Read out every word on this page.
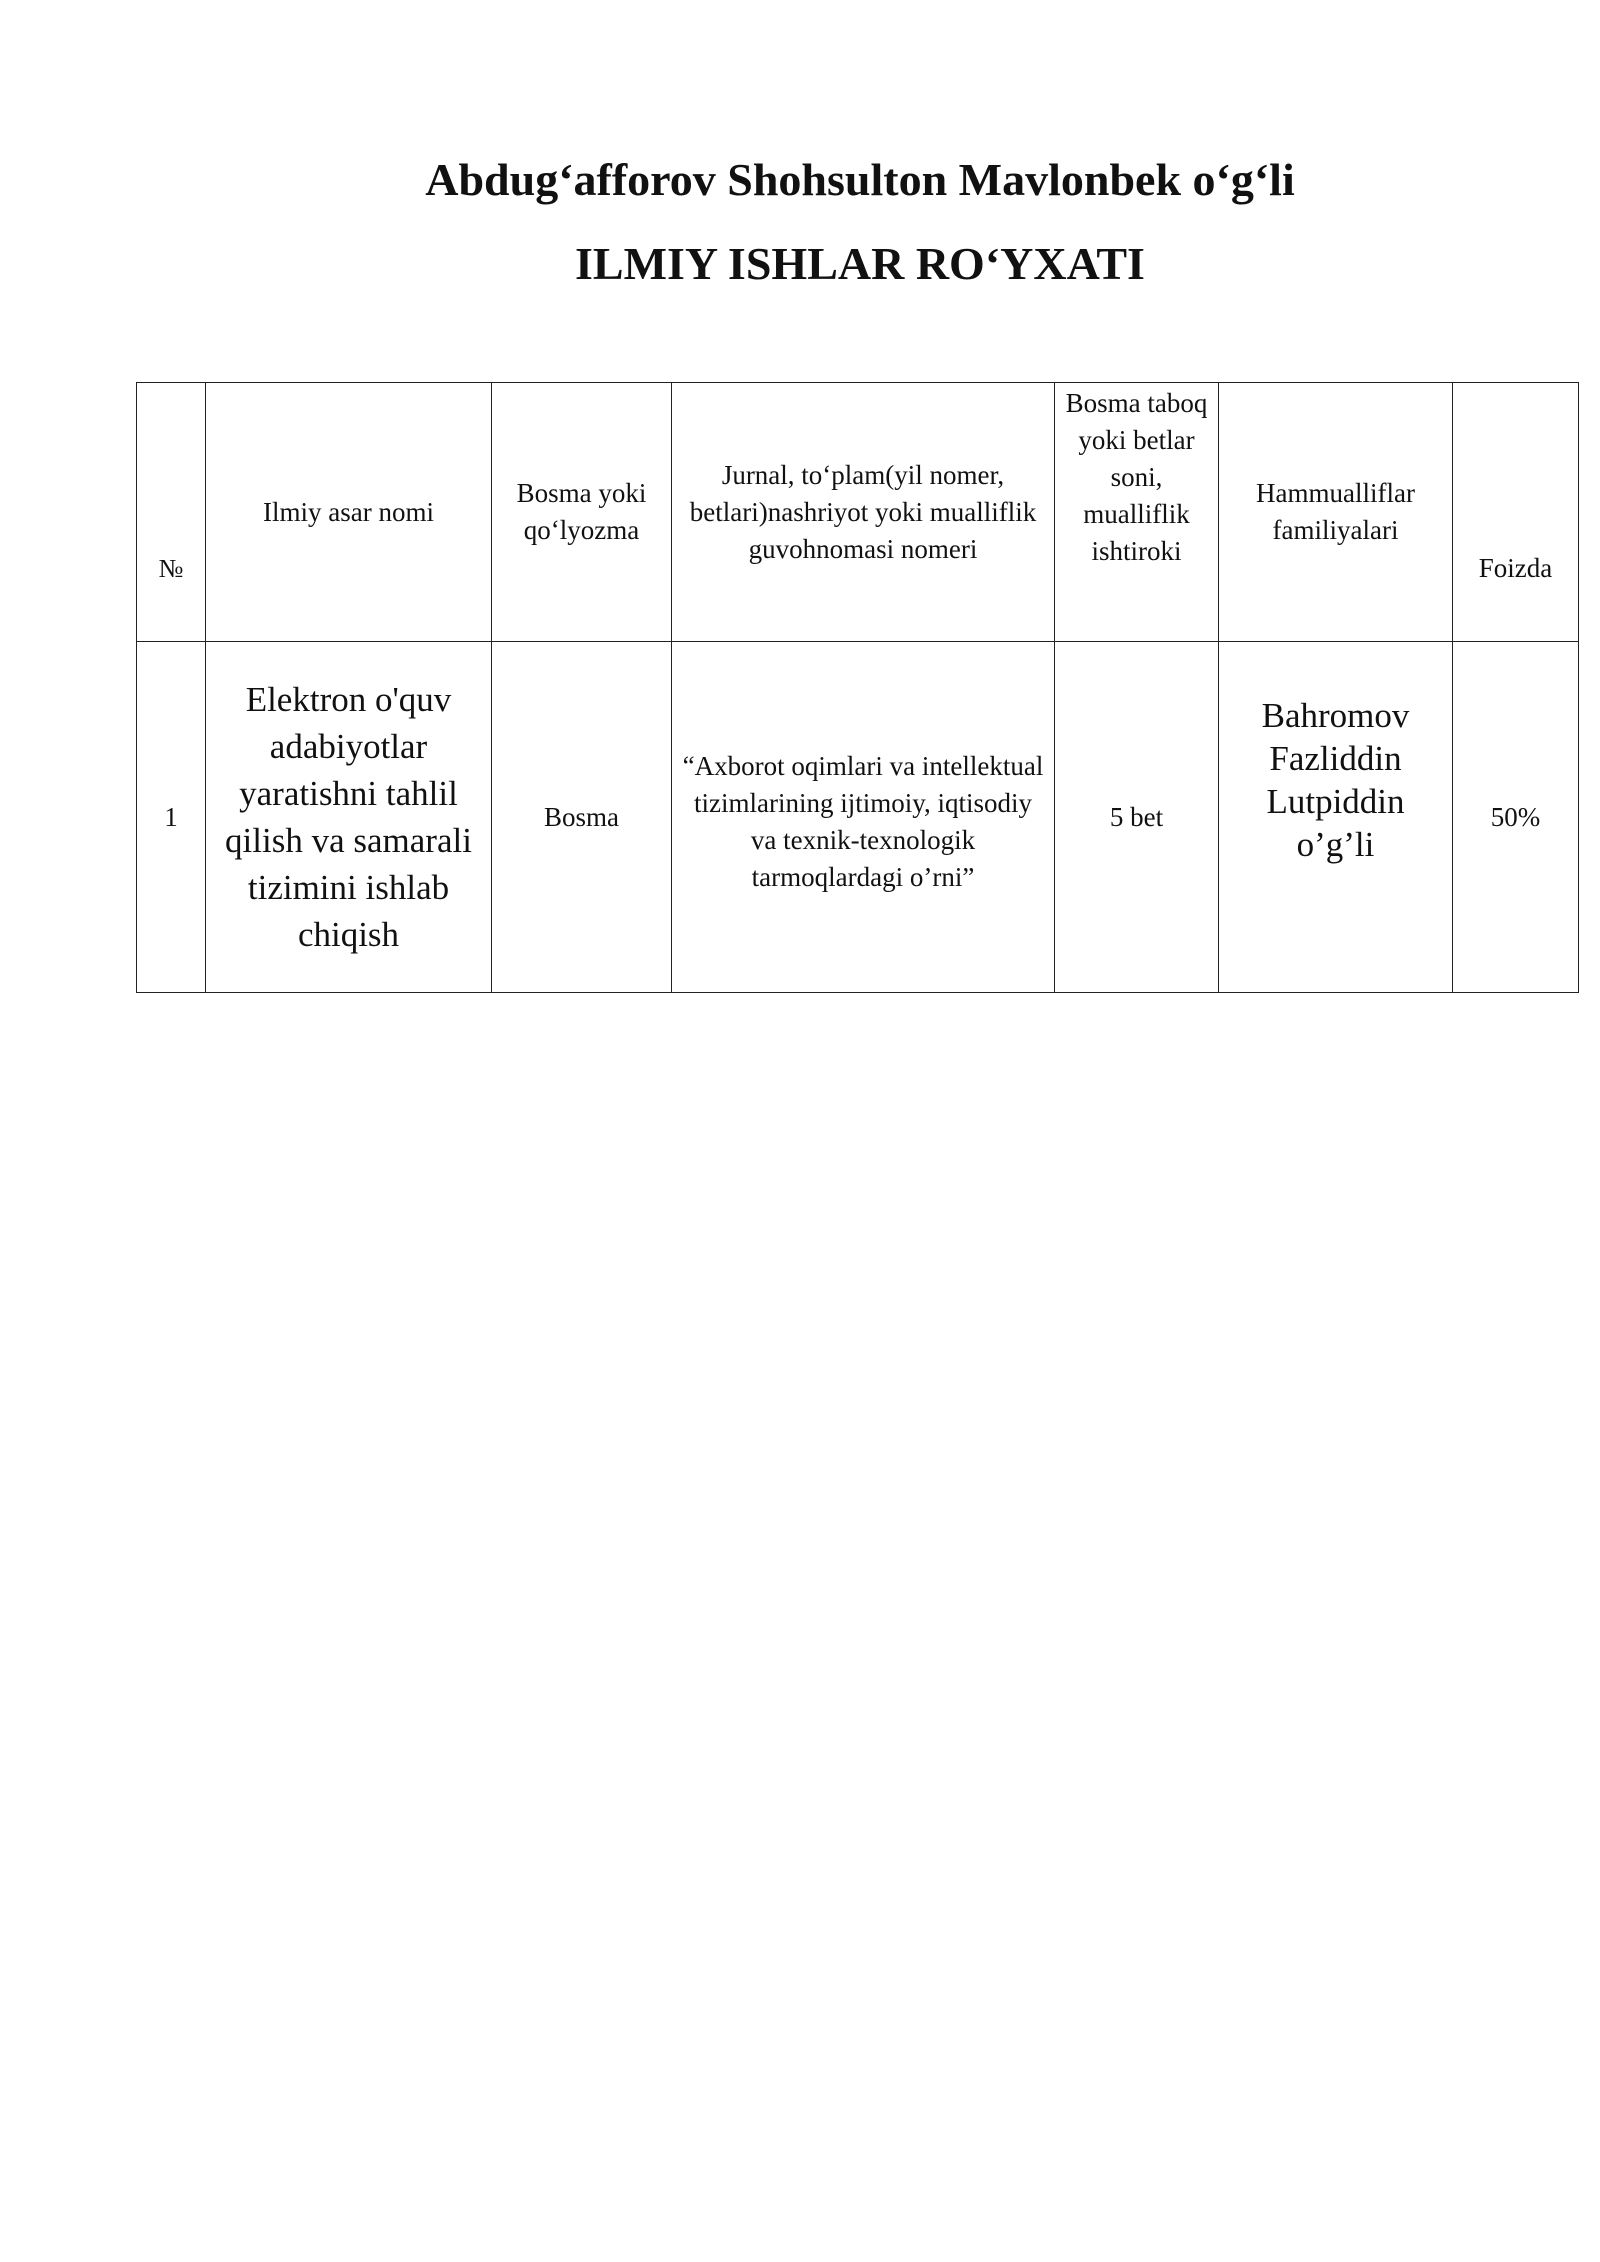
Abdug‘afforov Shohsulton Mavlonbek o‘g‘li
ILMIY ISHLAR RO‘YXATI
№	Ilmiy asar nomi	Bosma yoki qo‘lyozma	Jurnal, to‘plam(yil nomer, betlari)nashriyot yoki mualliflik guvohnomasi nomeri	Bosma taboq yoki betlar soni, mualliflik ishtiroki	Hammualliflar familiyalari	Foizda
1	Elektron o'quv adabiyotlar yaratishni tahlil qilish va samarali tizimini ishlab chiqish	Bosma	“Axborot oqimlari va intellektual tizimlarining ijtimoiy, iqtisodiy va texnik-texnologik tarmoqlardagi o’rni”	5 bet	Bahromov Fazliddin Lutpiddin o’g’li	50%
